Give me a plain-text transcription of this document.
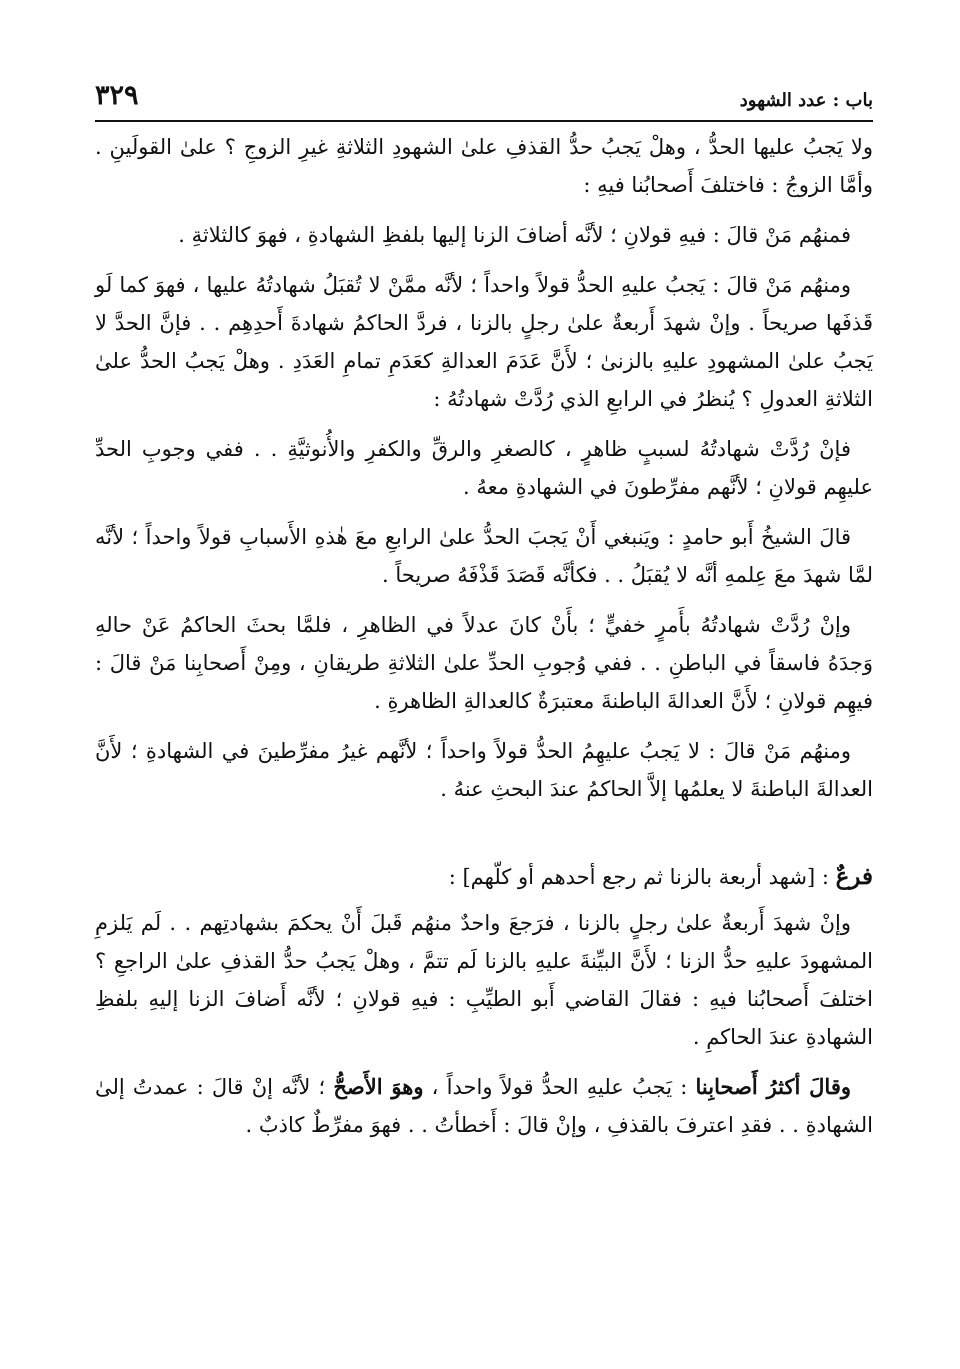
باب : عدد الشهود
٣٢٩

ولا يَجبُ عليها الحدُّ ، وهلْ يَجبُ حدُّ القذفِ علىٰ الشهودِ الثلاثةِ غيرِ الزوجِ ؟ علىٰ القولَينِ . وأمَّا الزوجُ : فاختلفَ أَصحابُنا فيهِ :

فمنهُم مَنْ قالَ : فيهِ قولانِ ؛ لأنَّه أضافَ الزنا إليها بلفظِ الشهادةِ ، فهوَ كالثلاثةِ .

ومنهُم مَنْ قالَ : يَجبُ عليهِ الحدُّ قولاً واحداً ؛ لأنَّه ممَّنْ لا تُقبَلُ شهادتُهُ عليها ، فهوَ كما لَو قَذفَها صريحاً . وإنْ شهدَ أَربعةٌ علىٰ رجلٍ بالزنا ، فردَّ الحاكمُ شهادةَ أَحدِهِم . . فإنَّ الحدَّ لا يَجبُ علىٰ المشهودِ عليهِ بالزنىٰ ؛ لأَنَّ عَدَمَ العدالةِ كعَدَمِ تمامِ العَدَدِ . وهلْ يَجبُ الحدُّ علىٰ الثلاثةِ العدولِ ؟ يُنظرُ في الرابعِ الذي رُدَّتْ شهادتُهُ :

فإنْ رُدَّتْ شهادتُهُ لسببٍ ظاهرٍ ، كالصغرِ والرقِّ والكفرِ والأُنوثيَّةِ . . ففي وجوبِ الحدِّ عليهِم قولانِ ؛ لأنَّهم مفرِّطونَ في الشهادةِ معهُ .

قالَ الشيخُ أَبو حامدٍ : ويَنبغي أَنْ يَجبَ الحدُّ علىٰ الرابعِ معَ هٰذهِ الأَسبابِ قولاً واحداً ؛ لأنَّه لمَّا شهدَ معَ عِلمهِ أنَّه لا يُقبَلُ . . فكأنَّه قَصَدَ قَذْفَهُ صريحاً .

وإنْ رُدَّتْ شهادتُهُ بأَمرٍ خفيٍّ ؛ بأَنْ كانَ عدلاً في الظاهرِ ، فلمَّا بحثَ الحاكمُ عَنْ حالهِ وَجدَهُ فاسقاً في الباطنِ . . ففي وُجوبِ الحدِّ علىٰ الثلاثةِ طريقانِ ، ومِنْ أَصحابِنا مَنْ قالَ : فيهِم قولانِ ؛ لأَنَّ العدالةَ الباطنةَ معتبرَةٌ كالعدالةِ الظاهرةِ .

ومنهُم مَنْ قالَ : لا يَجبُ عليهِمُ الحدُّ قولاً واحداً ؛ لأنَّهم غيرُ مفرِّطينَ في الشهادةِ ؛ لأَنَّ العدالةَ الباطنةَ لا يعلمُها إلاَّ الحاكمُ عندَ البحثِ عنهُ .

فرعٌ : [شهد أربعة بالزنا ثم رجع أحدهم أو كلّهم] :

وإنْ شهدَ أَربعةٌ علىٰ رجلٍ بالزنا ، فرَجعَ واحدٌ منهُم قَبلَ أَنْ يحكمَ بشهادتِهم . . لَم يَلزمِ المشهودَ عليهِ حدُّ الزنا ؛ لأَنَّ البيِّنةَ عليهِ بالزنا لَم تتمَّ ، وهلْ يَجبُ حدُّ القذفِ علىٰ الراجعِ ؟ اختلفَ أَصحابُنا فيهِ : فقالَ القاضي أَبو الطيِّبِ : فيهِ قولانِ ؛ لأنَّه أَضافَ الزنا إليهِ بلفظِ الشهادةِ عندَ الحاكمِ .

وقالَ أكثرُ أَصحابِنا : يَجبُ عليهِ الحدُّ قولاً واحداً ، وهوَ الأَصحُّ ؛ لأنَّه إنْ قالَ : عمدتُ إلىٰ الشهادةِ . . فقدِ اعترفَ بالقذفِ ، وإنْ قالَ : أَخطأتُ . . فهوَ مفرِّطٌ كاذبٌ .
